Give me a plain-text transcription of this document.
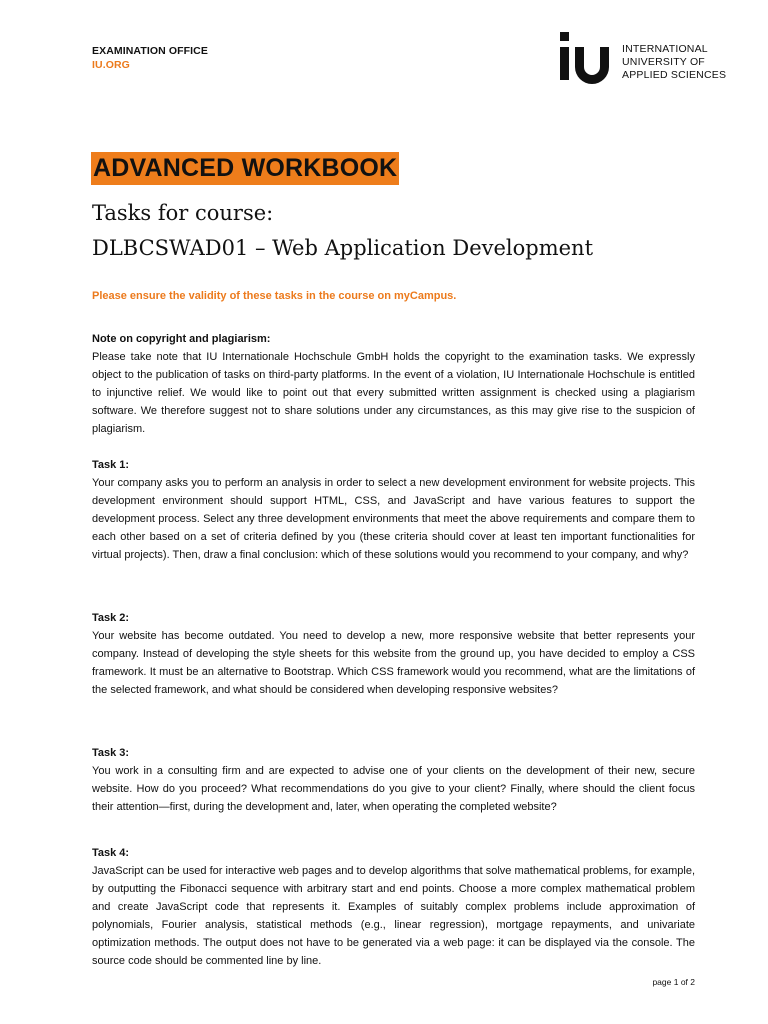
EXAMINATION OFFICE
IU.ORG
INTERNATIONAL
UNIVERSITY OF
APPLIED SCIENCES
ADVANCED WORKBOOK
Tasks for course:
DLBCSWAD01 – Web Application Development
Please ensure the validity of these tasks in the course on myCampus.
Note on copyright and plagiarism:
Please take note that IU Internationale Hochschule GmbH holds the copyright to the examination tasks. We expressly object to the publication of tasks on third-party platforms. In the event of a violation, IU Internationale Hochschule is entitled to injunctive relief. We would like to point out that every submitted written assignment is checked using a plagiarism software. We therefore suggest not to share solutions under any circumstances, as this may give rise to the suspicion of plagiarism.
Task 1:
Your company asks you to perform an analysis in order to select a new development environment for website projects. This development environment should support HTML, CSS, and JavaScript and have various features to support the development process. Select any three development environments that meet the above requirements and compare them to each other based on a set of criteria defined by you (these criteria should cover at least ten important functionalities for virtual projects). Then, draw a final conclusion: which of these solutions would you recommend to your company, and why?
Task 2:
Your website has become outdated. You need to develop a new, more responsive website that better represents your company. Instead of developing the style sheets for this website from the ground up, you have decided to employ a CSS framework. It must be an alternative to Bootstrap. Which CSS framework would you recommend, what are the limitations of the selected framework, and what should be considered when developing responsive websites?
Task 3:
You work in a consulting firm and are expected to advise one of your clients on the development of their new, secure website. How do you proceed? What recommendations do you give to your client? Finally, where should the client focus their attention—first, during the development and, later, when operating the completed website?
Task 4:
JavaScript can be used for interactive web pages and to develop algorithms that solve mathematical problems, for example, by outputting the Fibonacci sequence with arbitrary start and end points. Choose a more complex mathematical problem and create JavaScript code that represents it. Examples of suitably complex problems include approximation of polynomials, Fourier analysis, statistical methods (e.g., linear regression), mortgage repayments, and univariate optimization methods. The output does not have to be generated via a web page: it can be displayed via the console. The source code should be commented line by line.
page 1 of 2
